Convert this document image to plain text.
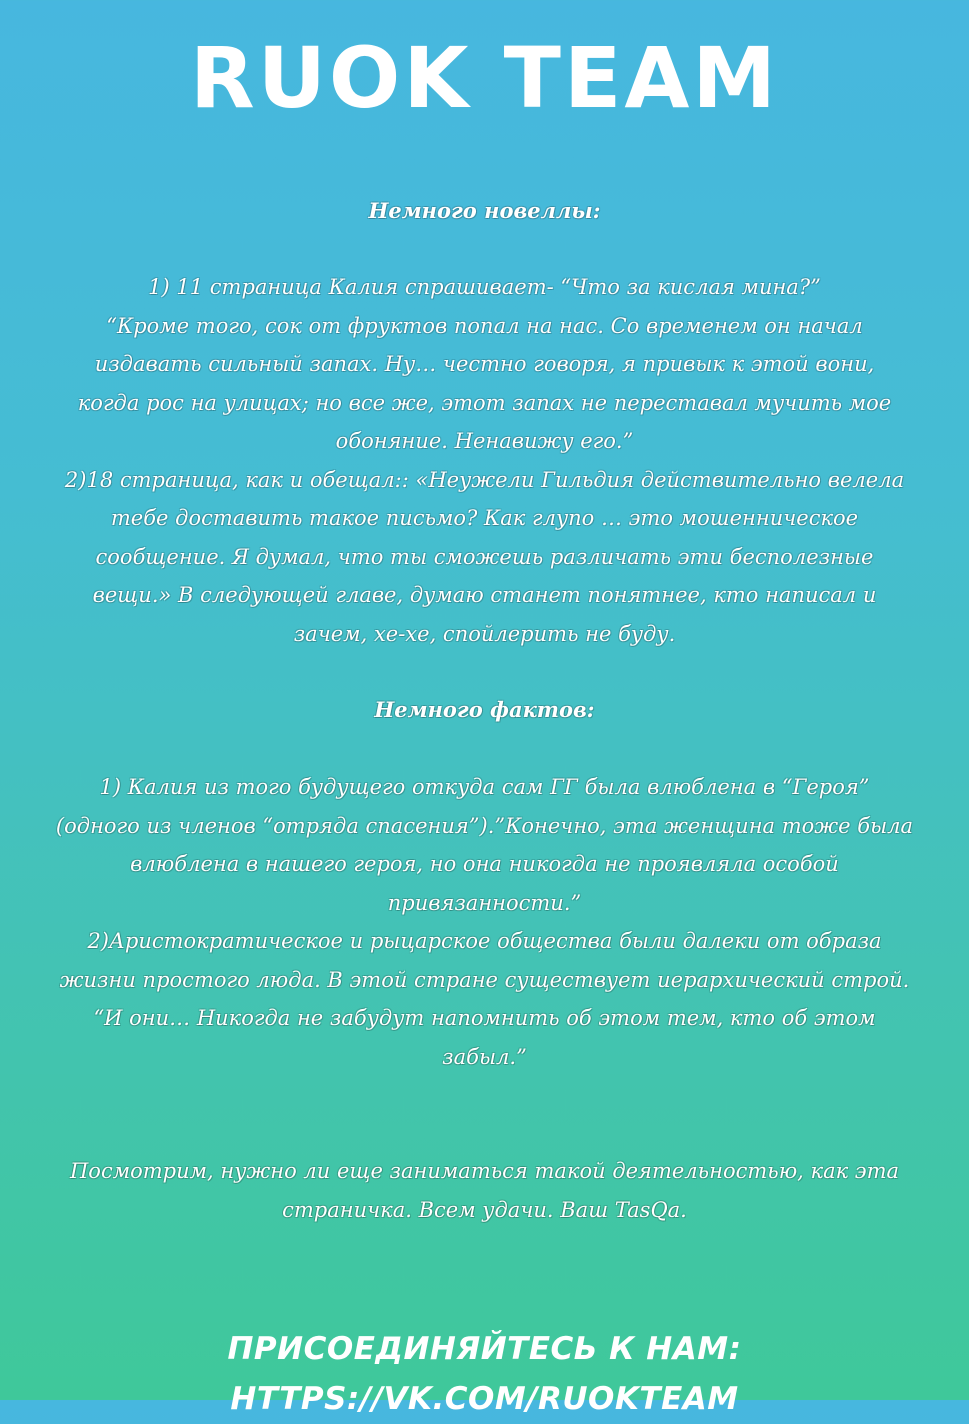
RUOK TEAM
Немного новеллы:
1) 11 страница Калия спрашивает- “Что за кислая мина?”
“Кроме того, сок от фруктов попал на нас. Со временем он начал
издавать сильный запах. Ну… честно говоря, я привык к этой вони,
когда рос на улицах; но все же, этот запах не переставал мучить мое
обоняние. Ненавижу его.”
2)18 страница, как и обещал:: «Неужели Гильдия действительно велела
тебе доставить такое письмо? Как глупо … это мошенническое
сообщение. Я думал, что ты сможешь различать эти бесполезные
вещи.» В следующей главе, думаю станет понятнее, кто написал и
зачем, хе-хе, спойлерить не буду.
Немного фактов:
1) Калия из того будущего откуда сам ГГ была влюблена в “Героя”
(одного из членов “отряда спасения”).”Конечно, эта женщина тоже была
влюблена в нашего героя, но она никогда не проявляла особой
привязанности.”
2)Аристократическое и рыцарское общества были далеки от образа
жизни простого люда. В этой стране существует иерархический строй.
“И они… Никогда не забудут напомнить об этом тем, кто об этом
забыл.”
Посмотрим, нужно ли еще заниматься такой деятельностью, как эта
страничка. Всем удачи. Ваш TasQa.
ПРИСОЕДИНЯЙТЕСЬ К НАМ: HTTPS://VK.COM/RUOKTEAM
